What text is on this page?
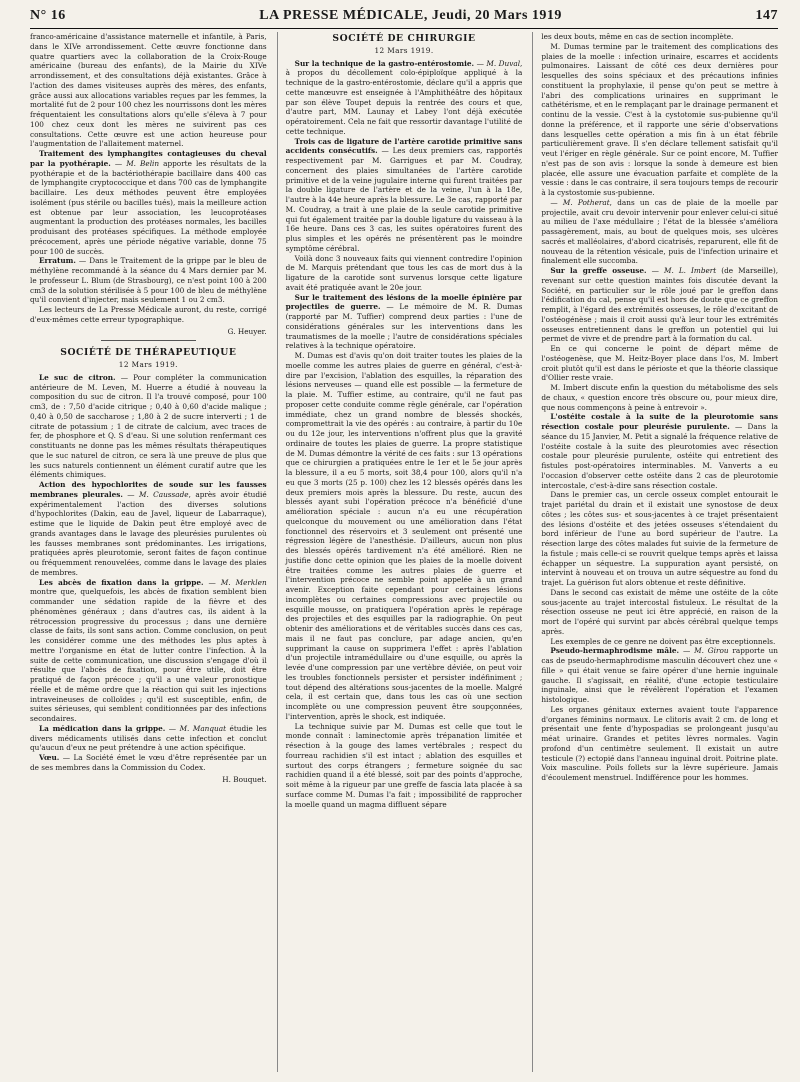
N° 16	LA PRESSE MÉDICALE, Jeudi, 20 Mars 1919	147

franco-américaine d'assistance maternelle et infantile, à Paris, dans le XIVe arrondissement. Cette œuvre fonctionne dans quatre quartiers avec la collaboration de la Croix-Rouge américaine (bureau des enfants), de la Mairie du XIVe arrondissement, et des consultations déjà existantes. Grâce à l'action des dames visiteuses auprès des mères, des enfants, grâce aussi aux allocations variables reçues par les femmes, la mortalité fut de 2 pour 100 chez les nourrissons dont les mères fréquentaient les consultations alors qu'elle s'éleva à 7 pour 100 chez ceux dont les mères ne suivirent pas ces consultations. Cette œuvre est une action heureuse pour l'augmentation de l'allaitement maternel.

Traitement des lymphangites contagieuses du cheval par la pyothérapie. — M. Belin apporte les résultats de la pyothérapie et de la bactériothérapie bacillaire dans 400 cas de lymphangite cryptococcique et dans 700 cas de lymphangite bacillaire. Les deux méthodes peuvent être employées isolément (pus stérile ou bacilles tués), mais la meilleure action est obtenue par leur association, les leucoprotéases augmentant la production des protéases normales, les bacilles produisant des protéases spécifiques. La méthode employée précocement, après une période négative variable, donne 75 pour 100 de succès.

Erratum. — Dans le Traitement de la grippe par le bleu de méthylène recommandé à la séance du 4 Mars dernier par M. le professeur L. Blum (de Strasbourg), ce n'est point 100 à 200 cm3 de la solution stérilisée à 5 pour 100 de bleu de méthylène qu'il convient d'injecter, mais seulement 1 ou 2 cm3.

Les lecteurs de La Presse Médicale auront, du reste, corrigé d'eux-mêmes cette erreur typographique.

G. Heuyer.
SOCIÉTÉ DE THÉRAPEUTIQUE
12 Mars 1919.

Le suc de citron. — Pour compléter la communication antérieure de M. Leven, M. Huerre a étudié à nouveau la composition du suc de citron. Il l'a trouvé composé, pour 100 cm3, de : 7,50 d'acide citrique ; 0,40 à 0,60 d'acide malique ; 0,40 à 0,50 de saccharose ; 1,80 à 2 de sucre interverti ; 1 de citrate de potassium ; 1 de citrate de calcium, avec traces de fer, de phosphore et Q. S d'eau. Si une solution renfermant ces constituants ne donne pas les mêmes résultats thérapeutiques que le suc naturel de citron, ce sera là une preuve de plus que les sucs naturels contiennent un élément curatif autre que les éléments chimiques.

Action des hypochlorites de soude sur les fausses membranes pleurales. — M. Caussade, après avoir étudié expérimentalement l'action des diverses solutions d'hypochlorites (Dakin, eau de Javel, liqueur de Labarraque), estime que le liquide de Dakin peut être employé avec de grands avantages dans le lavage des pleurésies purulentes où les fausses membranes sont prédominantes. Les irrigations, pratiquées après pleurotomie, seront faites de façon continue ou fréquemment renouvelées, comme dans le lavage des plaies de membres.

Les abcès de fixation dans la grippe. — M. Merklen montre que, quelquefois, les abcès de fixation semblent bien commander une sédation rapide de la fièvre et des phénomènes généraux ; dans d'autres cas, ils aident à la rétrocession progressive du processus ; dans une dernière classe de faits, ils sont sans action. Comme conclusion, on peut les considérer comme une des méthodes les plus aptes à mettre l'organisme en état de lutter contre l'infection. À la suite de cette communication, une discussion s'engage d'où il résulte que l'abcès de fixation, pour être utile, doit être pratiqué de façon précoce ; qu'il a une valeur pronostique réelle et de même ordre que la réaction qui suit les injections intraveineuses de colloïdes ; qu'il est susceptible, enfin, de suites sérieuses, qui semblent conditionnées par des infections secondaires.

La médication dans la grippe. — M. Manquat étudie les divers médicaments utilisés dans cette infection et conclut qu'aucun d'eux ne peut prétendre à une action spécifique.

Vœu. — La Société émet le vœu d'être représentée par un de ses membres dans la Commission du Codex.

H. Bouquet.
SOCIÉTÉ DE CHIRURGIE
12 Mars 1919.

Sur la technique de la gastro-entérostomie. — M. Duval, à propos du décollement colo-épiploïque appliqué à la technique de la gastro-entérostomie, déclare qu'il a appris que cette manœuvre est enseignée à l'Amphithéâtre des hôpitaux par son élève Toupet depuis la rentrée des cours et que, d'autre part, MM. Launay et Labey l'ont déjà exécutée opératoirement. Cela ne fait que ressortir davantage l'utilité de cette technique.

Trois cas de ligature de l'artère carotide primitive sans accidents consécutifs. — Les deux premiers cas, rapportés respectivement par M. Garrigues et par M. Coudray, concernent des plaies simultanées de l'artère carotide primitive et de la veine jugulaire interne qui furent traitées par la double ligature de l'artère et de la veine, l'un à la 18e, l'autre à la 44e heure après la blessure. Le 3e cas, rapporté par M. Coudray, a trait à une plaie de la seule carotide primitive qui fut également traitée par la double ligature du vaisseau à la 16e heure. Dans ces 3 cas, les suites opératoires furent des plus simples et les opérés ne présentèrent pas le moindre symptôme cérébral.

Voilà donc 3 nouveaux faits qui viennent contredire l'opinion de M. Marquis prétendant que tous les cas de mort dus à la ligature de la carotide sont survenus lorsque cette ligature avait été pratiquée avant le 20e jour.

Sur le traitement des lésions de la moelle épinière par projectiles de guerre. — Le mémoire de M. R. Dumas (rapporté par M. Tuffier) comprend deux parties : l'une de considérations générales sur les interventions dans les traumatismes de la moelle ; l'autre de considérations spéciales relatives à la technique opératoire.

M. Dumas est d'avis qu'on doit traiter toutes les plaies de la moelle comme les autres plaies de guerre en général, c'est-à-dire par l'excision, l'ablation des esquilles, la réparation des lésions nerveuses — quand elle est possible — la fermeture de la plaie. M. Tuffier estime, au contraire, qu'il ne faut pas proposer cette conduite comme règle générale, car l'opération immédiate, chez un grand nombre de blessés shockés, compromettrait la vie des opérés : au contraire, à partir du 10e ou du 12e jour, les interventions n'offrent plus que la gravité ordinaire de toutes les plaies de guerre. La propre statistique de M. Dumas démontre la vérité de ces faits : sur 13 opérations que ce chirurgien a pratiquées entre le 1er et le 5e jour après la blessure, il a eu 5 morts, soit 38,4 pour 100, alors qu'il n'a eu que 3 morts (25 p. 100) chez les 12 blessés opérés dans les deux premiers mois après la blessure. Du reste, aucun des blessés ayant subi l'opération précoce n'a bénéficié d'une amélioration spéciale : aucun n'a eu une récupération quelconque du mouvement ou une amélioration dans l'état fonctionnel des réservoirs et 3 seulement ont présenté une régression légère de l'anesthésie. D'ailleurs, aucun non plus des blessés opérés tardivement n'a été amélioré. Rien ne justifie donc cette opinion que les plaies de la moelle doivent être traitées comme les autres plaies de guerre et l'intervention précoce ne semble point appelée à un grand avenir. Exception faite cependant pour certaines lésions incomplètes ou certaines compressions avec projectile ou esquille mousse, on pratiquera l'opération après le repérage des projectiles et des esquilles par la radiographie. On peut obtenir des améliorations et de véritables succès dans ces cas, mais il ne faut pas conclure, par adage ancien, qu'en supprimant la cause on supprimera l'effet : après l'ablation d'un projectile intramédullaire ou d'une esquille, ou après la levée d'une compression par une vertèbre déviée, on peut voir les troubles fonctionnels persister et persister indéfiniment ; tout dépend des altérations sous-jacentes de la moelle. Malgré cela, il est certain que, dans tous les cas où une section incomplète ou une compression peuvent être soupçonnées, l'intervention, après le shock, est indiquée.

La technique suivie par M. Dumas est celle que tout le monde connaît : laminectomie après trépanation limitée et résection à la gouge des lames vertébrales ; respect du fourreau rachidien s'il est intact ; ablation des esquilles et surtout des corps étrangers ; fermeture soignée du sac rachidien quand il a été blessé, soit par des points d'approche, soit même à la rigueur par une greffe de fascia lata placée à sa surface comme M. Dumas l'a fait ; impossibilité de rapprocher la moelle quand un magma diffluent sépare

les deux bouts, même en cas de section incomplète.

M. Dumas termine par le traitement des complications des plaies de la moelle : infection urinaire, escarres et accidents pulmonaires. Laissant de côté ces deux dernières pour lesquelles des soins spéciaux et des précautions infinies constituent la prophylaxie, il pense qu'on peut se mettre à l'abri des complications urinaires en supprimant le cathétérisme, et en le remplaçant par le drainage permanent et continu de la vessie. C'est à la cystotomie sus-pubienne qu'il donne la préférence, et il rapporte une série d'observations dans lesquelles cette opération a mis fin à un état fébrile particulièrement grave. Il s'en déclare tellement satisfait qu'il veut l'ériger en règle générale. Sur ce point encore, M. Tuffier n'est pas de son avis : lorsque la sonde à demeure est bien placée, elle assure une évacuation parfaite et complète de la vessie : dans le cas contraire, il sera toujours temps de recourir à la cystostomie sus-pubienne.

— M. Potherat, dans un cas de plaie de la moelle par projectile, avait cru devoir intervenir pour enlever celui-ci situé au milieu de l'axe médullaire ; l'état de la blessée s'améliora passagèrement, mais, au bout de quelques mois, ses ulcères sacrés et malléolaires, d'abord cicatrisés, reparurent, elle fit de nouveau de la rétention vésicale, puis de l'infection urinaire et finalement elle succomba.

Sur la greffe osseuse. — M. L. Imbert (de Marseille), revenant sur cette question maintes fois discutée devant la Société, en particulier sur le rôle joué par le greffon dans l'édification du cal, pense qu'il est hors de doute que ce greffon remplit, à l'égard des extrémités osseuses, le rôle d'excitant de l'ostéogénèse ; mais il croit aussi qu'à leur tour les extrémités osseuses entretiennent dans le greffon un potentiel qui lui permet de vivre et de prendre part à la formation du cal.

En ce qui concerne le point de départ même de l'ostéogenèse, que M. Heitz-Boyer place dans l'os, M. Imbert croit plutôt qu'il est dans le périoste et que la théorie classique d'Ollier reste vraie.

M. Imbert discute enfin la question du métabolisme des sels de chaux, « question encore très obscure ou, pour mieux dire, que nous commençons à peine à entrevoir ».

L'ostéite costale à la suite de la pleurotomie sans résection costale pour pleurésie purulente. — Dans la séance du 15 Janvier, M. Petit a signalé la fréquence relative de l'ostéite costale à la suite des pleurotomies avec résection costale pour pleurésie purulente, ostéite qui entretient des fistules post-opératoires interminables. M. Vanverts a eu l'occasion d'observer cette ostéite dans 2 cas de pleurotomie intercostale, c'est-à-dire sans résection costale.

Dans le premier cas, un cercle osseux complet entourait le trajet pariétal du drain et il existait une synostose de deux côtes ; les côtes sus- et sous-jacentes à ce trajet présentaient des lésions d'ostéite et des jetées osseuses s'étendaient du bord inférieur de l'une au bord supérieur de l'autre. La résection large des côtes malades fut suivie de la fermeture de la fistule ; mais celle-ci se rouvrit quelque temps après et laissa échapper un séquestre. La suppuration ayant persisté, on intervint à nouveau et on trouva un autre séquestre au fond du trajet. La guérison fut alors obtenue et reste définitive.

Dans le second cas existait de même une ostéite de la côte sous-jacente au trajet intercostal fistuleux. Le résultat de la résection osseuse ne peut ici être apprécié, en raison de la mort de l'opéré qui survint par abcès cérébral quelque temps après.

Les exemples de ce genre ne doivent pas être exceptionnels.

Pseudo-hermaphrodisme mâle. — M. Girou rapporte un cas de pseudo-hermaphrodisme masculin découvert chez une « fille » qui était venue se faire opérer d'une hernie inguinale gauche. Il s'agissait, en réalité, d'une ectopie testiculaire inguinale, ainsi que le révélèrent l'opération et l'examen histologique.

Les organes génitaux externes avaient toute l'apparence d'organes féminins normaux. Le clitoris avait 2 cm. de long et présentait une fente d'hypospadias se prolongeant jusqu'au méat urinaire. Grandes et petites lèvres normales. Vagin profond d'un centimètre seulement. Il existait un autre testicule (?) ectopié dans l'anneau inguinal droit. Poitrine plate. Voix masculine. Poils follets sur la lèvre supérieure. Jamais d'écoulement menstruel. Indifférence pour les hommes.
